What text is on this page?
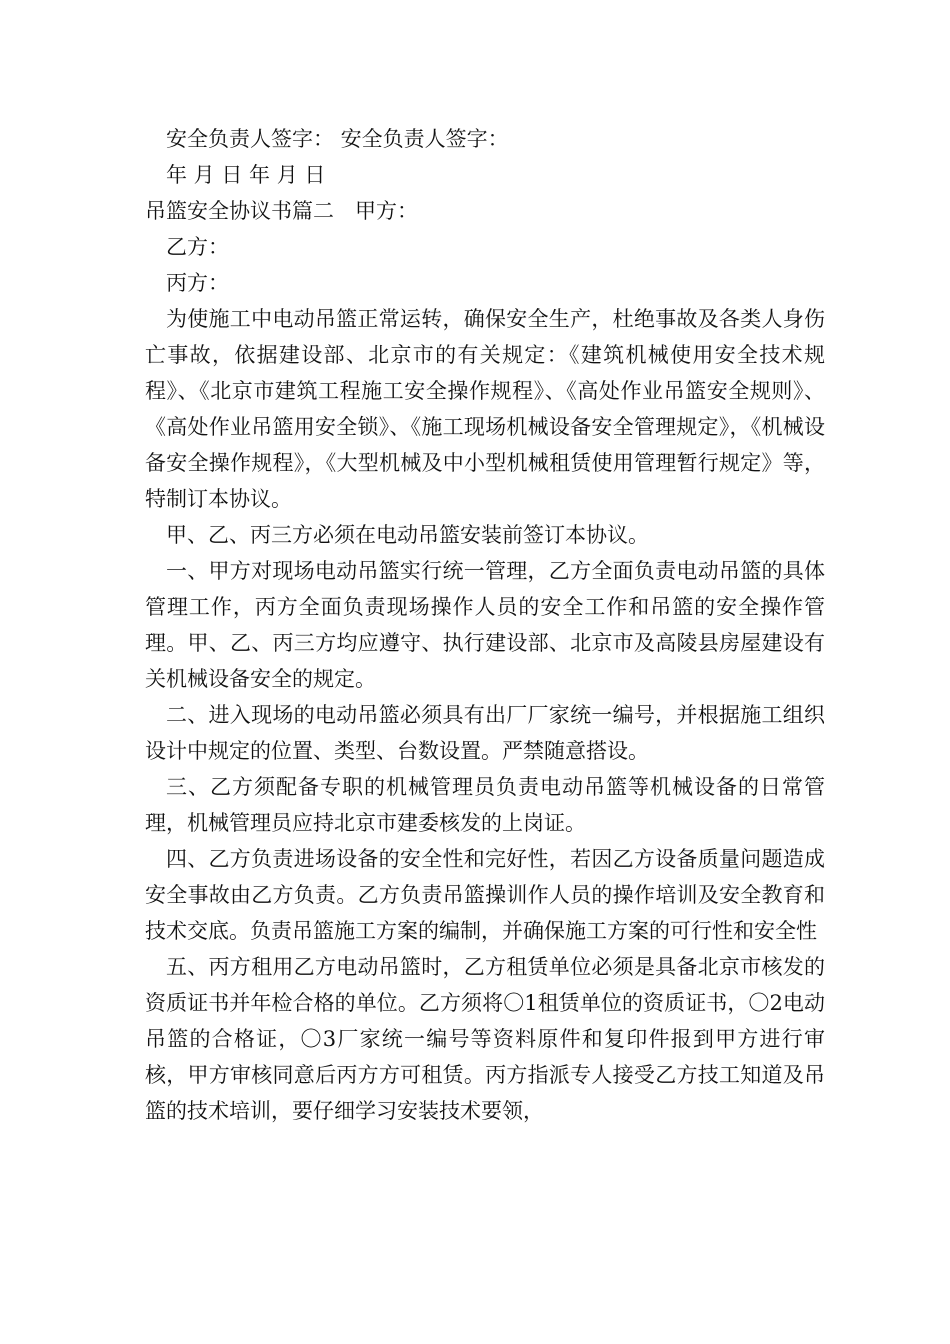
安全负责人签字： 安全负责人签字：
年 月 日 年 月 日
吊篮安全协议书篇二　甲方：
乙方：
丙方：
为使施工中电动吊篮正常运转，确保安全生产，杜绝事故及各类人身伤亡事故，依据建设部、北京市的有关规定：《建筑机械使用安全技术规程》、《北京市建筑工程施工安全操作规程》、《高处作业吊篮安全规则》、《高处作业吊篮用安全锁》、《施工现场机械设备安全管理规定》，《机械设备安全操作规程》，《大型机械及中小型机械租赁使用管理暂行规定》等，特制订本协议。
甲、乙、丙三方必须在电动吊篮安装前签订本协议。
一、甲方对现场电动吊篮实行统一管理，乙方全面负责电动吊篮的具体管理工作，丙方全面负责现场操作人员的安全工作和吊篮的安全操作管理。甲、乙、丙三方均应遵守、执行建设部、北京市及高陵县房屋建设有关机械设备安全的规定。
二、进入现场的电动吊篮必须具有出厂厂家统一编号，并根据施工组织设计中规定的位置、类型、台数设置。严禁随意搭设。
三、乙方须配备专职的机械管理员负责电动吊篮等机械设备的日常管理，机械管理员应持北京市建委核发的上岗证。
四、乙方负责进场设备的安全性和完好性，若因乙方设备质量问题造成安全事故由乙方负责。乙方负责吊篮操训作人员的操作培训及安全教育和技术交底。负责吊篮施工方案的编制，并确保施工方案的可行性和安全性
五、丙方租用乙方电动吊篮时，乙方租赁单位必须是具备北京市核发的资质证书并年检合格的单位。乙方须将〇1租赁单位的资质证书，〇2电动吊篮的合格证，〇3厂家统一编号等资料原件和复印件报到甲方进行审核，甲方审核同意后丙方方可租赁。丙方指派专人接受乙方技工知道及吊篮的技术培训，要仔细学习安装技术要领，
